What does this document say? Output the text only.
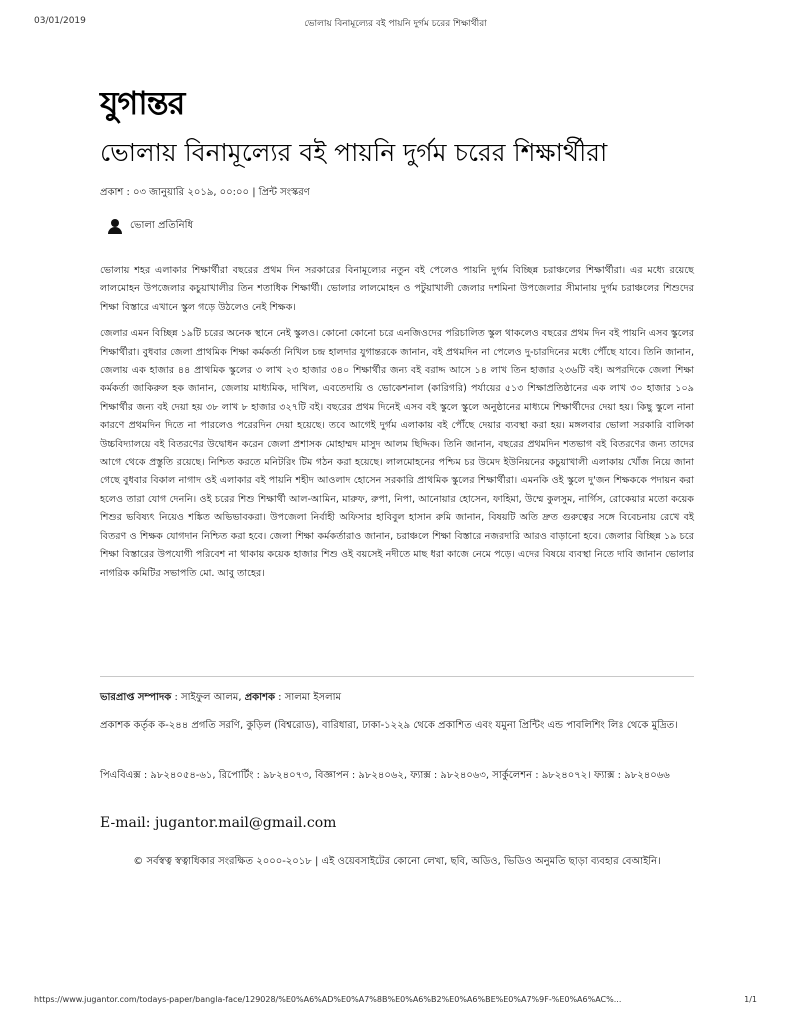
03/01/2019	ভোলায় বিনামূল্যের বই পায়নি দুর্গম চরের শিক্ষার্থীরা
যুগান্তর
ভোলায় বিনামূল্যের বই পায়নি দুর্গম চরের শিক্ষার্থীরা
প্রকাশ : ০৩ জানুয়ারি ২০১৯, ০০:০০ | প্রিন্ট সংস্করণ
ভোলা প্রতিনিধি

ভোলায় শহর এলাকার শিক্ষার্থীরা বছরের প্রথম দিন সরকারের বিনামূল্যের নতুন বই পেলেও পায়নি দুর্গম বিচ্ছিন্ন চরাঞ্চলের শিক্ষার্থীরা। এর মধ্যে রয়েছে লালমোহন উপজেলার কচুয়াখালীর তিন শতাধিক শিক্ষার্থী। ভোলার লালমোহন ও পটুয়াখালী জেলার দশমিনা উপজেলার সীমানায় দুর্গম চরাঞ্চলের শিশুদের শিক্ষা বিস্তারে এখানে স্কুল গড়ে উঠলেও নেই শিক্ষক।

জেলার এমন বিচ্ছিন্ন ১৯টি চরের অনেক স্থানে নেই স্কুলও। কোনো কোনো চরে এনজিওদের পরিচালিত স্কুল থাকলেও বছরের প্রথম দিন বই পায়নি এসব স্কুলের শিক্ষার্থীরা। বুধবার জেলা প্রাথমিক শিক্ষা কর্মকর্তা নিখিল চন্দ্র হালদার যুগান্তরকে জানান, বই প্রথমদিন না পেলেও দু-চারদিনের মধ্যে পৌঁছে যাবে। তিনি জানান, জেলায় এক হাজার ৪৪ প্রাথমিক স্কুলের ৩ লাখ ২৩ হাজার ৩৪০ শিক্ষার্থীর জন্য বই বরাদ্দ আসে ১৪ লাখ তিন হাজার ২৩৬টি বই। অপরদিকে জেলা শিক্ষা কর্মকর্তা জাকিরুল হক জানান, জেলায় মাধ্যমিক, দাখিল, এবতেদায়ি ও ভোকেশনাল (কারিগরি) পর্যায়ের ৫১৩ শিক্ষাপ্রতিষ্ঠানের এক লাখ ৩০ হাজার ১০৯ শিক্ষার্থীর জন্য বই দেয়া হয় ৩৮ লাখ ৮ হাজার ৩২৭টি বই। বছরের প্রথম দিনেই এসব বই স্কুলে স্কুলে অনুষ্ঠানের মাধ্যমে শিক্ষার্থীদের দেয়া হয়। কিছু স্কুলে নানা কারণে প্রথমদিন দিতে না পারলেও পরেরদিন দেয়া হয়েছে। তবে আগেই দুর্গম এলাকায় বই পৌঁছে দেয়ার ব্যবস্থা করা হয়। মঙ্গলবার ভোলা সরকারি বালিকা উচ্চবিদ্যালয়ে বই বিতরণের উদ্বোধন করেন জেলা প্রশাসক মোহাম্মদ মাসুদ আলম ছিদ্দিক। তিনি জানান, বছরের প্রথমদিন শতভাগ বই বিতরণের জন্য তাদের আগে থেকে প্রস্তুতি রয়েছে। নিশ্চিত করতে মনিটরিং টিম গঠন করা হয়েছে। লালমোহনের পশ্চিম চর উমেদ ইউনিয়নের কচুয়াখালী এলাকায় খোঁজ নিয়ে জানা গেছে বুধবার বিকাল নাগাদ ওই এলাকার বই পায়নি শহীদ আওলাদ হোসেন সরকারি প্রাথমিক স্কুলের শিক্ষার্থীরা। এমনকি ওই স্কুলে দু'জন শিক্ষককে পদায়ন করা হলেও তারা যোগ দেননি। ওই চরের শিশু শিক্ষার্থী আল-আমিন, মারুফ, রুপা, নিপা, আনোয়ার হোসেন, ফাহিমা, উম্মে কুলসুম, নার্গিস, রোকেয়ার মতো কয়েক শিশুর ভবিষ্যৎ নিয়েও শঙ্কিত অভিভাবকরা। উপজেলা নির্বাহী অফিসার হাবিবুল হাসান রুমি জানান, বিষয়টি অতি দ্রুত গুরুত্বের সঙ্গে বিবেচনায় রেখে বই বিতরণ ও শিক্ষক যোগদান নিশ্চিত করা হবে। জেলা শিক্ষা কর্মকর্তারাও জানান, চরাঞ্চলে শিক্ষা বিস্তারে নজরদারি আরও বাড়ানো হবে। জেলার বিচ্ছিন্ন ১৯ চরে শিক্ষা বিস্তারের উপযোগী পরিবেশ না থাকায় কয়েক হাজার শিশু ওই বয়সেই নদীতে মাছ ধরা কাজে নেমে পড়ে। এদের বিষয়ে ব্যবস্থা নিতে দাবি জানান ভোলার নাগরিক কমিটির সভাপতি মো. আবু তাহের।

ভারপ্রাপ্ত সম্পাদক : সাইফুল আলম, প্রকাশক : সালমা ইসলাম
প্রকাশক কর্তৃক ক-২৪৪ প্রগতি সরণি, কুড়িল (বিশ্বরোড), বারিধারা, ঢাকা-১২২৯ থেকে প্রকাশিত এবং যমুনা প্রিন্টিং এন্ড পাবলিশিং লিঃ থেকে মুদ্রিত।
পিএবিএক্স : ৯৮২৪০৫৪-৬১, রিপোর্টিং : ৯৮২৪০৭৩, বিজ্ঞাপন : ৯৮২৪০৬২, ফ্যাক্স : ৯৮২৪০৬৩, সার্কুলেশন : ৯৮২৪০৭২। ফ্যাক্স : ৯৮২৪০৬৬
E-mail: jugantor.mail@gmail.com
© সর্বস্বত্ব স্বত্বাধিকার সংরক্ষিত ২০০০-২০১৮ | এই ওয়েবসাইটের কোনো লেখা, ছবি, অডিও, ভিডিও অনুমতি ছাড়া ব্যবহার বেআইনি।
https://www.jugantor.com/todays-paper/bangla-face/129028/%E0%A6%AD%E0%A7%8B%E0%A6%B2%E0%A6%BE%E0%A7%9F-%E0%A6%AC%...	1/1
